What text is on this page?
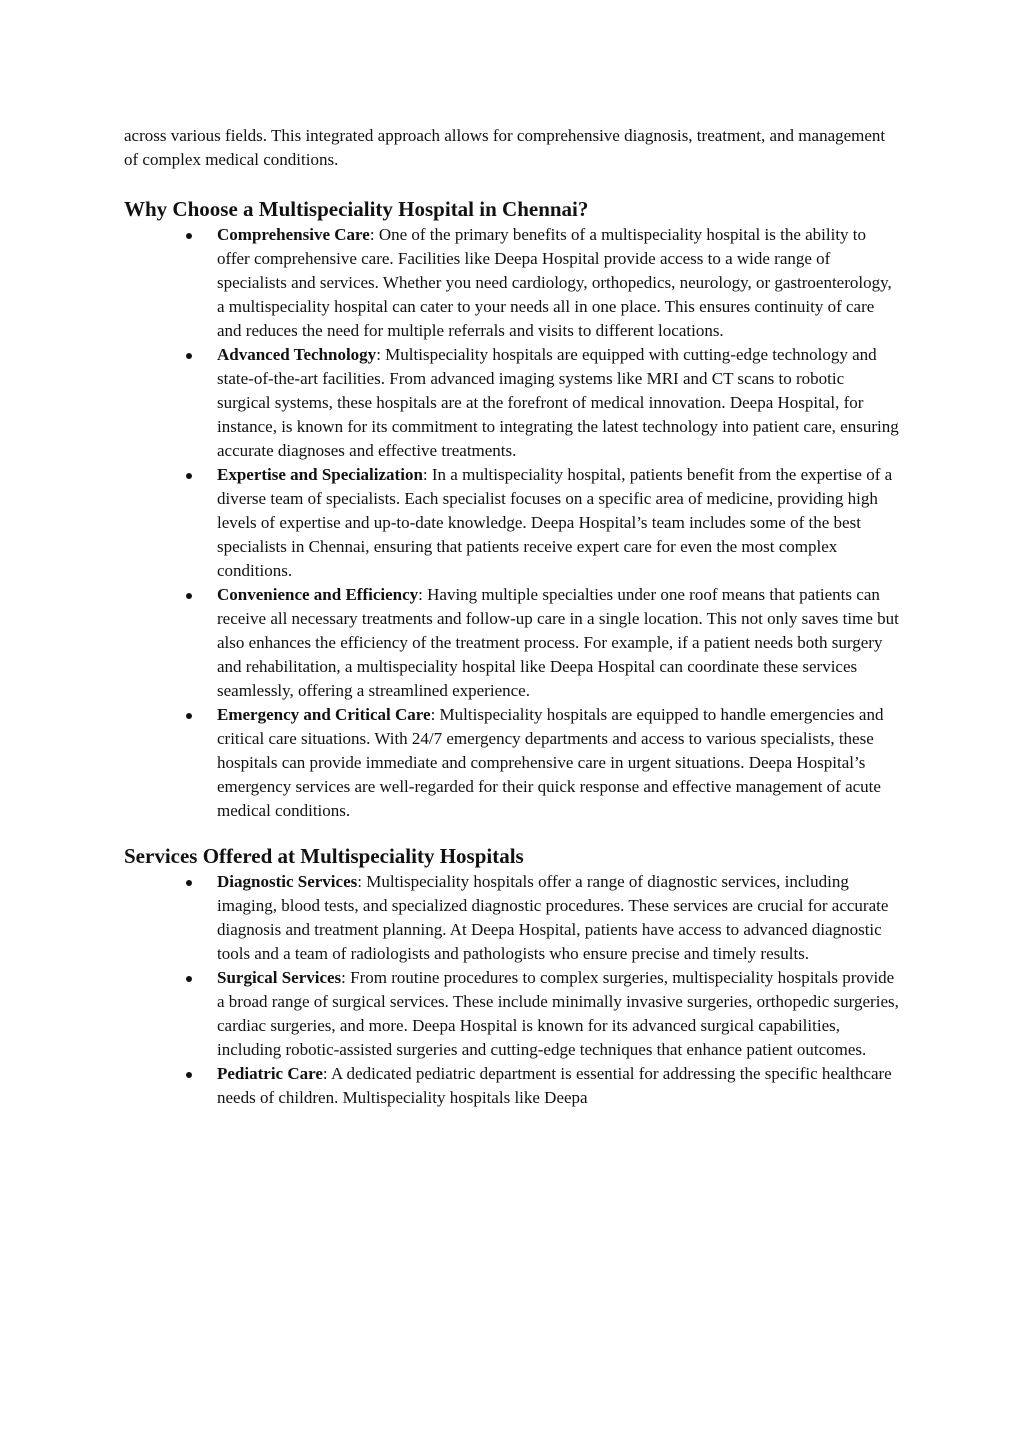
across various fields. This integrated approach allows for comprehensive diagnosis, treatment, and management of complex medical conditions.

Why Choose a Multispeciality Hospital in Chennai?
Comprehensive Care: One of the primary benefits of a multispeciality hospital is the ability to offer comprehensive care. Facilities like Deepa Hospital provide access to a wide range of specialists and services. Whether you need cardiology, orthopedics, neurology, or gastroenterology, a multispeciality hospital can cater to your needs all in one place. This ensures continuity of care and reduces the need for multiple referrals and visits to different locations.
Advanced Technology: Multispeciality hospitals are equipped with cutting-edge technology and state-of-the-art facilities. From advanced imaging systems like MRI and CT scans to robotic surgical systems, these hospitals are at the forefront of medical innovation. Deepa Hospital, for instance, is known for its commitment to integrating the latest technology into patient care, ensuring accurate diagnoses and effective treatments.
Expertise and Specialization: In a multispeciality hospital, patients benefit from the expertise of a diverse team of specialists. Each specialist focuses on a specific area of medicine, providing high levels of expertise and up-to-date knowledge. Deepa Hospital’s team includes some of the best specialists in Chennai, ensuring that patients receive expert care for even the most complex conditions.
Convenience and Efficiency: Having multiple specialties under one roof means that patients can receive all necessary treatments and follow-up care in a single location. This not only saves time but also enhances the efficiency of the treatment process. For example, if a patient needs both surgery and rehabilitation, a multispeciality hospital like Deepa Hospital can coordinate these services seamlessly, offering a streamlined experience.
Emergency and Critical Care: Multispeciality hospitals are equipped to handle emergencies and critical care situations. With 24/7 emergency departments and access to various specialists, these hospitals can provide immediate and comprehensive care in urgent situations. Deepa Hospital’s emergency services are well-regarded for their quick response and effective management of acute medical conditions.
Services Offered at Multispeciality Hospitals
Diagnostic Services: Multispeciality hospitals offer a range of diagnostic services, including imaging, blood tests, and specialized diagnostic procedures. These services are crucial for accurate diagnosis and treatment planning. At Deepa Hospital, patients have access to advanced diagnostic tools and a team of radiologists and pathologists who ensure precise and timely results.
Surgical Services: From routine procedures to complex surgeries, multispeciality hospitals provide a broad range of surgical services. These include minimally invasive surgeries, orthopedic surgeries, cardiac surgeries, and more. Deepa Hospital is known for its advanced surgical capabilities, including robotic-assisted surgeries and cutting-edge techniques that enhance patient outcomes.
Pediatric Care: A dedicated pediatric department is essential for addressing the specific healthcare needs of children. Multispeciality hospitals like Deepa
